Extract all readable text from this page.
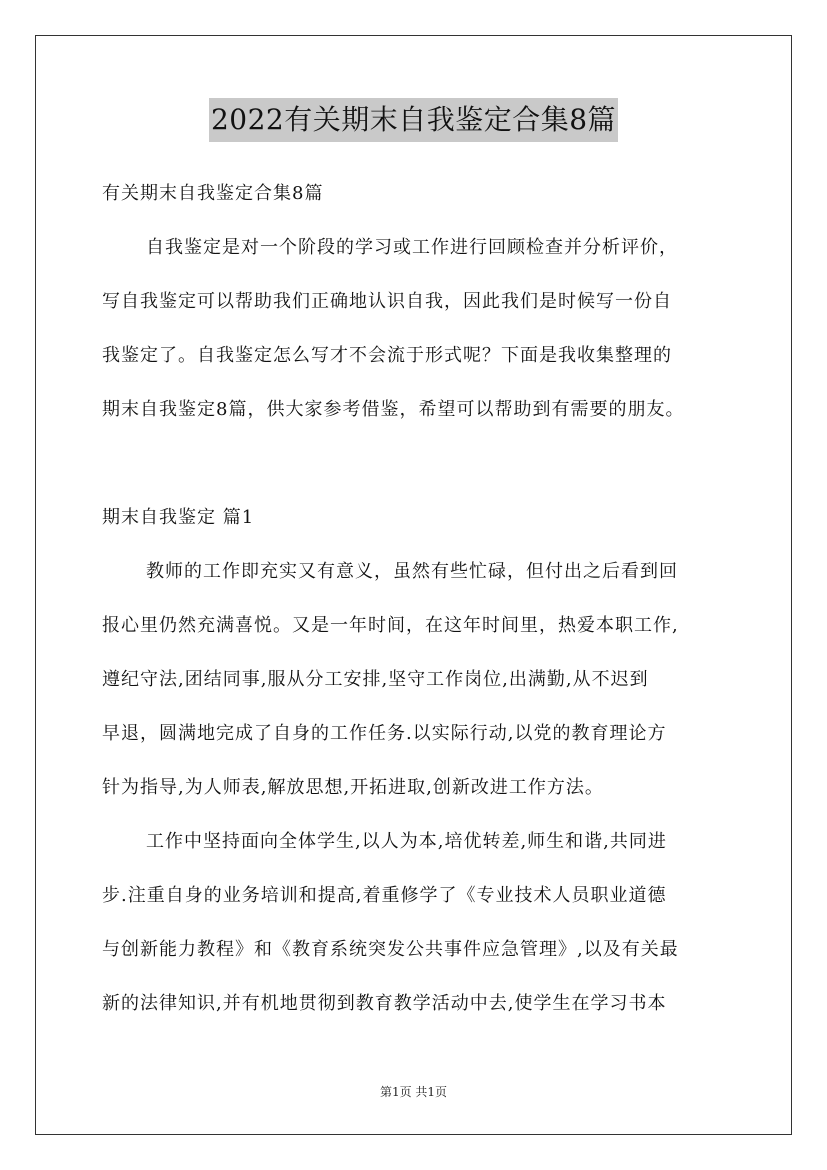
2022有关期末自我鉴定合集8篇
有关期末自我鉴定合集8篇
自我鉴定是对一个阶段的学习或工作进行回顾检查并分析评价，
写自我鉴定可以帮助我们正确地认识自我，因此我们是时候写一份自
我鉴定了。自我鉴定怎么写才不会流于形式呢？下面是我收集整理的
期末自我鉴定8篇，供大家参考借鉴，希望可以帮助到有需要的朋友。
期末自我鉴定 篇1
教师的工作即充实又有意义，虽然有些忙碌，但付出之后看到回
报心里仍然充满喜悦。又是一年时间，在这年时间里，热爱本职工作,
遵纪守法,团结同事,服从分工安排,坚守工作岗位,出满勤,从不迟到
早退，圆满地完成了自身的工作任务.以实际行动,以党的教育理论方
针为指导,为人师表,解放思想,开拓进取,创新改进工作方法。
工作中坚持面向全体学生,以人为本,培优转差,师生和谐,共同进
步.注重自身的业务培训和提高,着重修学了《专业技术人员职业道德
与创新能力教程》和《教育系统突发公共事件应急管理》,以及有关最
新的法律知识,并有机地贯彻到教育教学活动中去,使学生在学习书本
第1页 共1页
